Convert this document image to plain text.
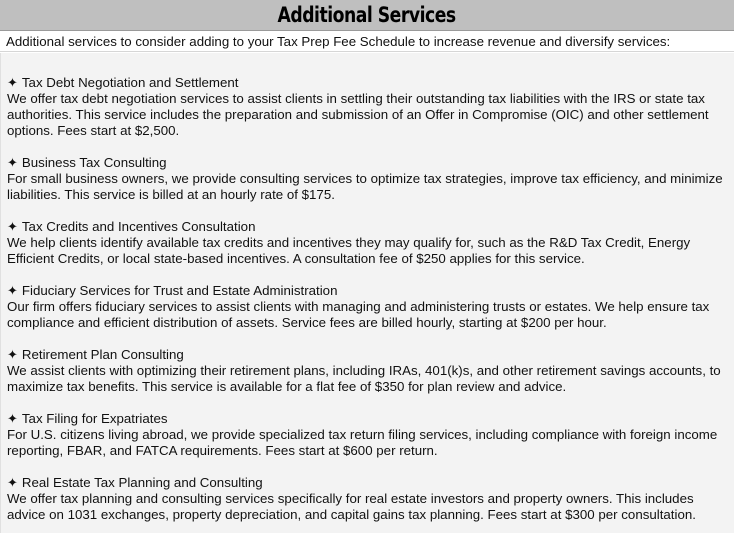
Additional Services
Additional services to consider adding to your Tax Prep Fee Schedule to increase revenue and diversify services:
✦ Tax Debt Negotiation and Settlement
We offer tax debt negotiation services to assist clients in settling their outstanding tax liabilities with the IRS or state tax authorities. This service includes the preparation and submission of an Offer in Compromise (OIC) and other settlement options. Fees start at $2,500.
✦ Business Tax Consulting
For small business owners, we provide consulting services to optimize tax strategies, improve tax efficiency, and minimize liabilities. This service is billed at an hourly rate of $175.
✦ Tax Credits and Incentives Consultation
We help clients identify available tax credits and incentives they may qualify for, such as the R&D Tax Credit, Energy Efficient Credits, or local state-based incentives. A consultation fee of $250 applies for this service.
✦ Fiduciary Services for Trust and Estate Administration
Our firm offers fiduciary services to assist clients with managing and administering trusts or estates. We help ensure tax compliance and efficient distribution of assets. Service fees are billed hourly, starting at $200 per hour.
✦ Retirement Plan Consulting
We assist clients with optimizing their retirement plans, including IRAs, 401(k)s, and other retirement savings accounts, to maximize tax benefits. This service is available for a flat fee of $350 for plan review and advice.
✦ Tax Filing for Expatriates
For U.S. citizens living abroad, we provide specialized tax return filing services, including compliance with foreign income reporting, FBAR, and FATCA requirements. Fees start at $600 per return.
✦ Real Estate Tax Planning and Consulting
We offer tax planning and consulting services specifically for real estate investors and property owners. This includes advice on 1031 exchanges, property depreciation, and capital gains tax planning. Fees start at $300 per consultation.
